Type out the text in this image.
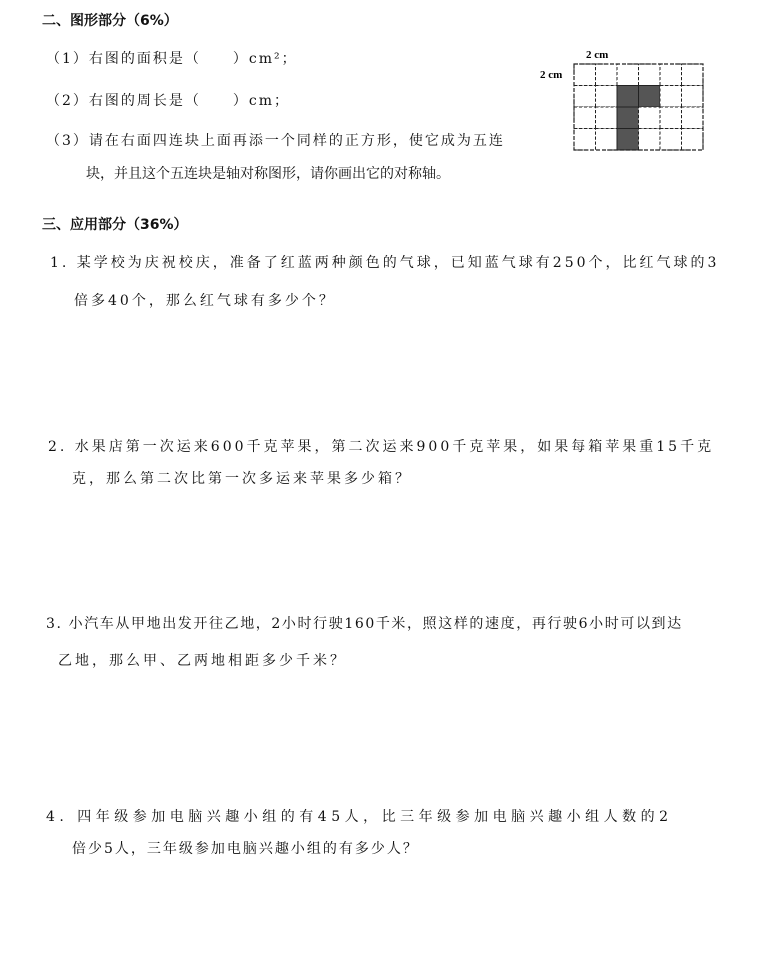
二、图形部分（6%）
（1）右图的面积是（　　）cm²；
（2）右图的周长是（　　）cm；
（3）请在右面四连块上面再添一个同样的正方形，使它成为五连
块，并且这个五连块是轴对称图形，请你画出它的对称轴。
2 cm
2 cm
三、应用部分（36%）
1. 某学校为庆祝校庆，准备了红蓝两种颜色的气球，已知蓝气球有250个，比红气球的3
倍多40个，那么红气球有多少个？
2. 水果店第一次运来600千克苹果，第二次运来900千克苹果，如果每箱苹果重15千克
克，那么第二次比第一次多运来苹果多少箱？
3. 小汽车从甲地出发开往乙地，2小时行驶160千米，照这样的速度，再行驶6小时可以到达
乙地，那么甲、乙两地相距多少千米？
4. 四年级参加电脑兴趣小组的有45人，比三年级参加电脑兴趣小组人数的2
倍少5人，三年级参加电脑兴趣小组的有多少人？
